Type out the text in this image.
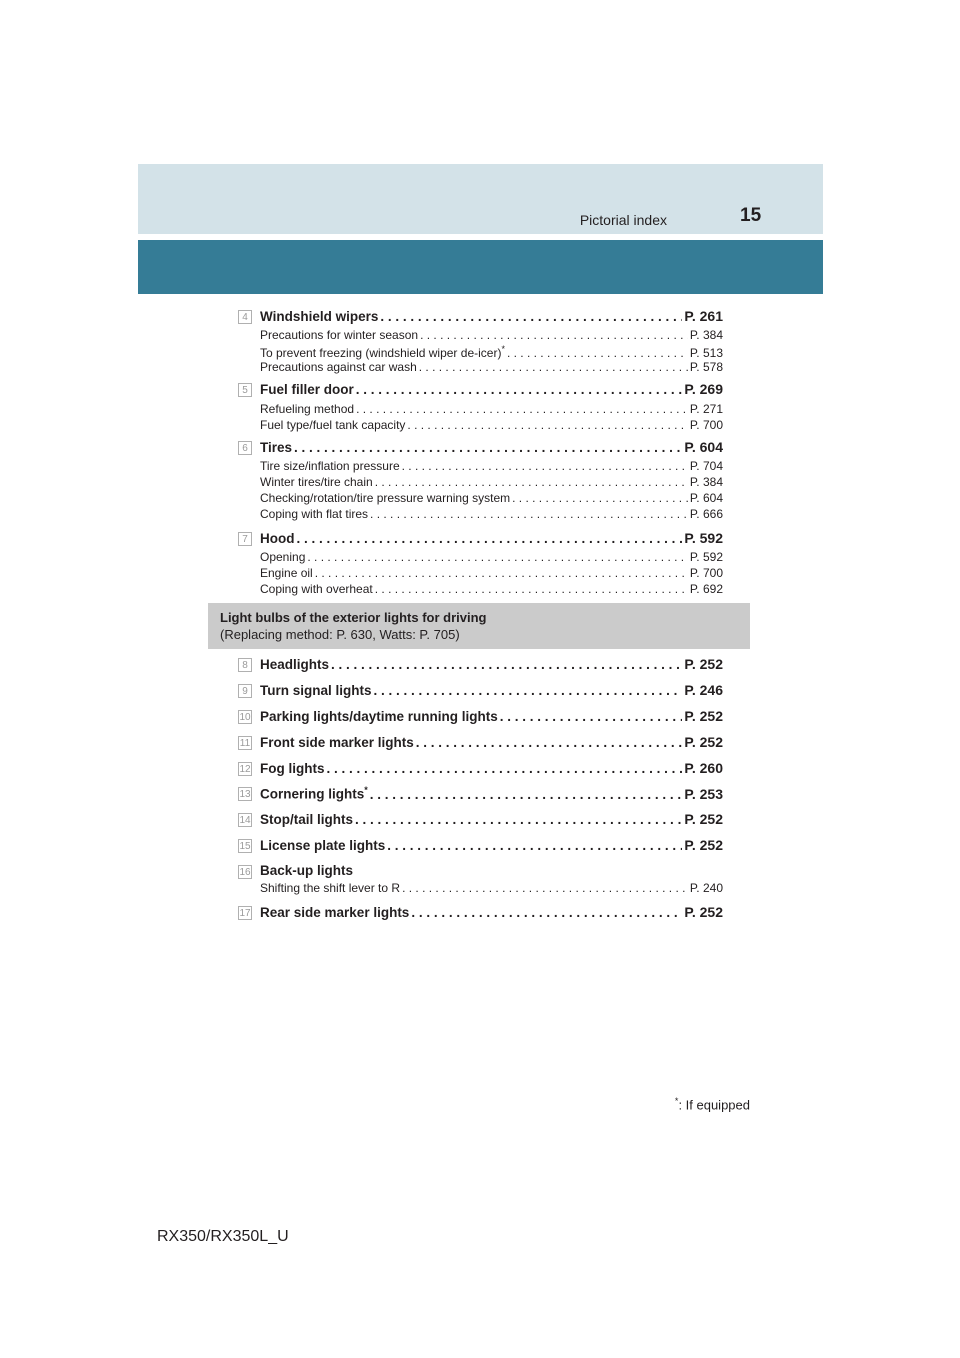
Pictorial index	15
4 Windshield wipers . . .	P. 261
Precautions for winter season . . .	P. 384
To prevent freezing (windshield wiper de-icer)* . . .	P. 513
Precautions against car wash . . .	P. 578
5 Fuel filler door . . .	P. 269
Refueling method . . .	P. 271
Fuel type/fuel tank capacity . . .	P. 700
6 Tires . . .	P. 604
Tire size/inflation pressure . . .	P. 704
Winter tires/tire chain . . .	P. 384
Checking/rotation/tire pressure warning system . . .	P. 604
Coping with flat tires . . .	P. 666
7 Hood . . .	P. 592
Opening . . .	P. 592
Engine oil . . .	P. 700
Coping with overheat . . .	P. 692
Light bulbs of the exterior lights for driving
(Replacing method: P. 630, Watts: P. 705)
8 Headlights . . .	P. 252
9 Turn signal lights . . .	P. 246
10 Parking lights/daytime running lights . . .	P. 252
11 Front side marker lights . . .	P. 252
12 Fog lights . . .	P. 260
13 Cornering lights* . . .	P. 253
14 Stop/tail lights . . .	P. 252
15 License plate lights . . .	P. 252
16 Back-up lights
Shifting the shift lever to R . . .	P. 240
17 Rear side marker lights . . .	P. 252
*: If equipped
RX350/RX350L_U
